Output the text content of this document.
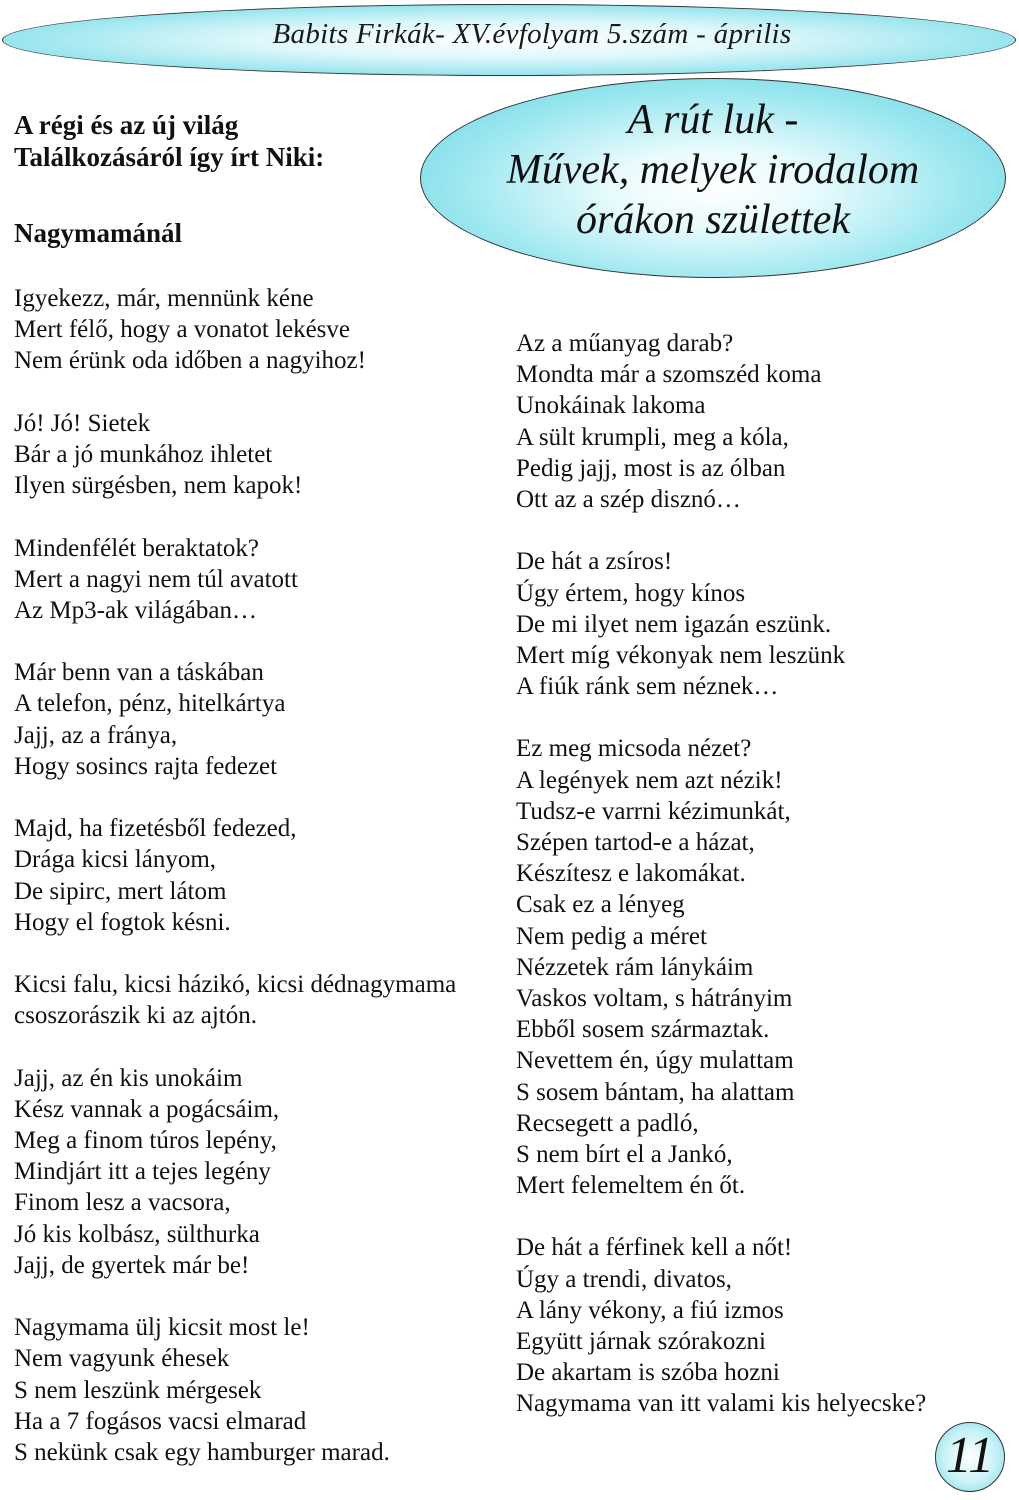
Babits Firkák- XV.évfolyam 5.szám - április
A rút luk -
Művek, melyek irodalom
órákon születtek
A régi és az új világ
Találkozásáról így írt Niki:
Nagymamánál
Igyekezz, már, mennünk kéne
Mert félő, hogy a vonatot lekésve
Nem érünk oda időben a nagyihoz!
Jó! Jó! Sietek
Bár a jó munkához ihletet
Ilyen sürgésben, nem kapok!
Mindenfélét beraktatok?
Mert a nagyi nem túl avatott
Az Mp3-ak világában…
Már benn van a táskában
A telefon, pénz, hitelkártya
Jajj, az a fránya,
Hogy sosincs rajta fedezet
Majd, ha fizetésből fedezed,
Drága kicsi lányom,
De sipirc, mert látom
Hogy el fogtok késni.
Kicsi falu, kicsi házikó, kicsi dédnagymama
csoszorászik ki az ajtón.
Jajj, az én kis unokáim
Kész vannak a pogácsáim,
Meg a finom túros lepény,
Mindjárt itt a tejes legény
Finom lesz a vacsora,
Jó kis kolbász, sülthurka
Jajj, de gyertek már be!
Nagymama ülj kicsit most le!
Nem vagyunk éhesek
S nem leszünk mérgesek
Ha a 7 fogásos vacsi elmarad
S nekünk csak egy hamburger marad.
Az a műanyag darab?
Mondta már a szomszéd koma
Unokáinak lakoma
A sült krumpli, meg a kóla,
Pedig jajj, most is az ólban
Ott az a szép disznó…
De hát a zsíros!
Úgy értem, hogy kínos
De mi ilyet nem igazán eszünk.
Mert míg vékonyak nem leszünk
A fiúk ránk sem néznek…
Ez meg micsoda nézet?
A legények nem azt nézik!
Tudsz-e varrni kézimunkát,
Szépen tartod-e a házat,
Készítesz e lakomákat.
Csak ez a lényeg
Nem pedig a méret
Nézzetek rám lánykáim
Vaskos voltam, s hátrányim
Ebből sosem származtak.
Nevettem én, úgy mulattam
S sosem bántam, ha alattam
Recsegett a padló,
S nem bírt el a Jankó,
Mert felemeltem én őt.
De hát a férfinek kell a nőt!
Úgy a trendi, divatos,
A lány vékony, a fiú izmos
Együtt járnak szórakozni
De akartam is szóba hozni
Nagymama van itt valami kis helyecske?
11
